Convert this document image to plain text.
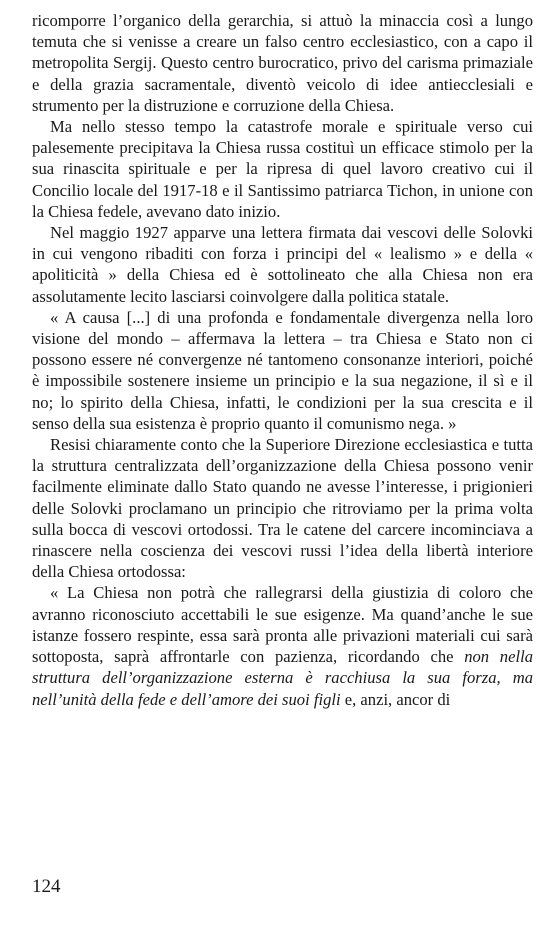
ricomporre l’organico della gerarchia, si attuò la minaccia così a lungo temuta che si venisse a creare un falso centro ecclesiastico, con a capo il metropolita Sergij. Questo centro burocratico, privo del carisma primaziale e della grazia sacramentale, diventò veicolo di idee antiecclesiali e strumento per la distruzione e corruzione della Chiesa.

Ma nello stesso tempo la catastrofe morale e spirituale verso cui palesemente precipitava la Chiesa russa costituì un efficace stimolo per la sua rinascita spirituale e per la ripresa di quel lavoro creativo cui il Concilio locale del 1917-18 e il Santissimo patriarca Tichon, in unione con la Chiesa fedele, avevano dato inizio.

Nel maggio 1927 apparve una lettera firmata dai vescovi delle Solovki in cui vengono ribaditi con forza i principi del « lealismo » e della « apoliticità » della Chiesa ed è sottolineato che alla Chiesa non era assolutamente lecito lasciarsi coinvolgere dalla politica statale.

« A causa [...] di una profonda e fondamentale divergenza nella loro visione del mondo – affermava la lettera – tra Chiesa e Stato non ci possono essere né convergenze né tantomeno consonanze interiori, poiché è impossibile sostenere insieme un principio e la sua negazione, il sì e il no; lo spirito della Chiesa, infatti, le condizioni per la sua crescita e il senso della sua esistenza è proprio quanto il comunismo nega. »

Resisi chiaramente conto che la Superiore Direzione ecclesiastica e tutta la struttura centralizzata dell’organizzazione della Chiesa possono venir facilmente eliminate dallo Stato quando ne avesse l’interesse, i prigionieri delle Solovki proclamano un principio che ritroviamo per la prima volta sulla bocca di vescovi ortodossi. Tra le catene del carcere incominciava a rinascere nella coscienza dei vescovi russi l’idea della libertà interiore della Chiesa ortodossa:

« La Chiesa non potrà che rallegrarsi della giustizia di coloro che avranno riconosciuto accettabili le sue esigenze. Ma quand’anche le sue istanze fossero respinte, essa sarà pronta alle privazioni materiali cui sarà sottoposta, saprà affrontarle con pazienza, ricordando che non nella struttura dell’organizzazione esterna è racchiusa la sua forza, ma nell’unità della fede e dell’amore dei suoi figli e, anzi, ancor di

124
